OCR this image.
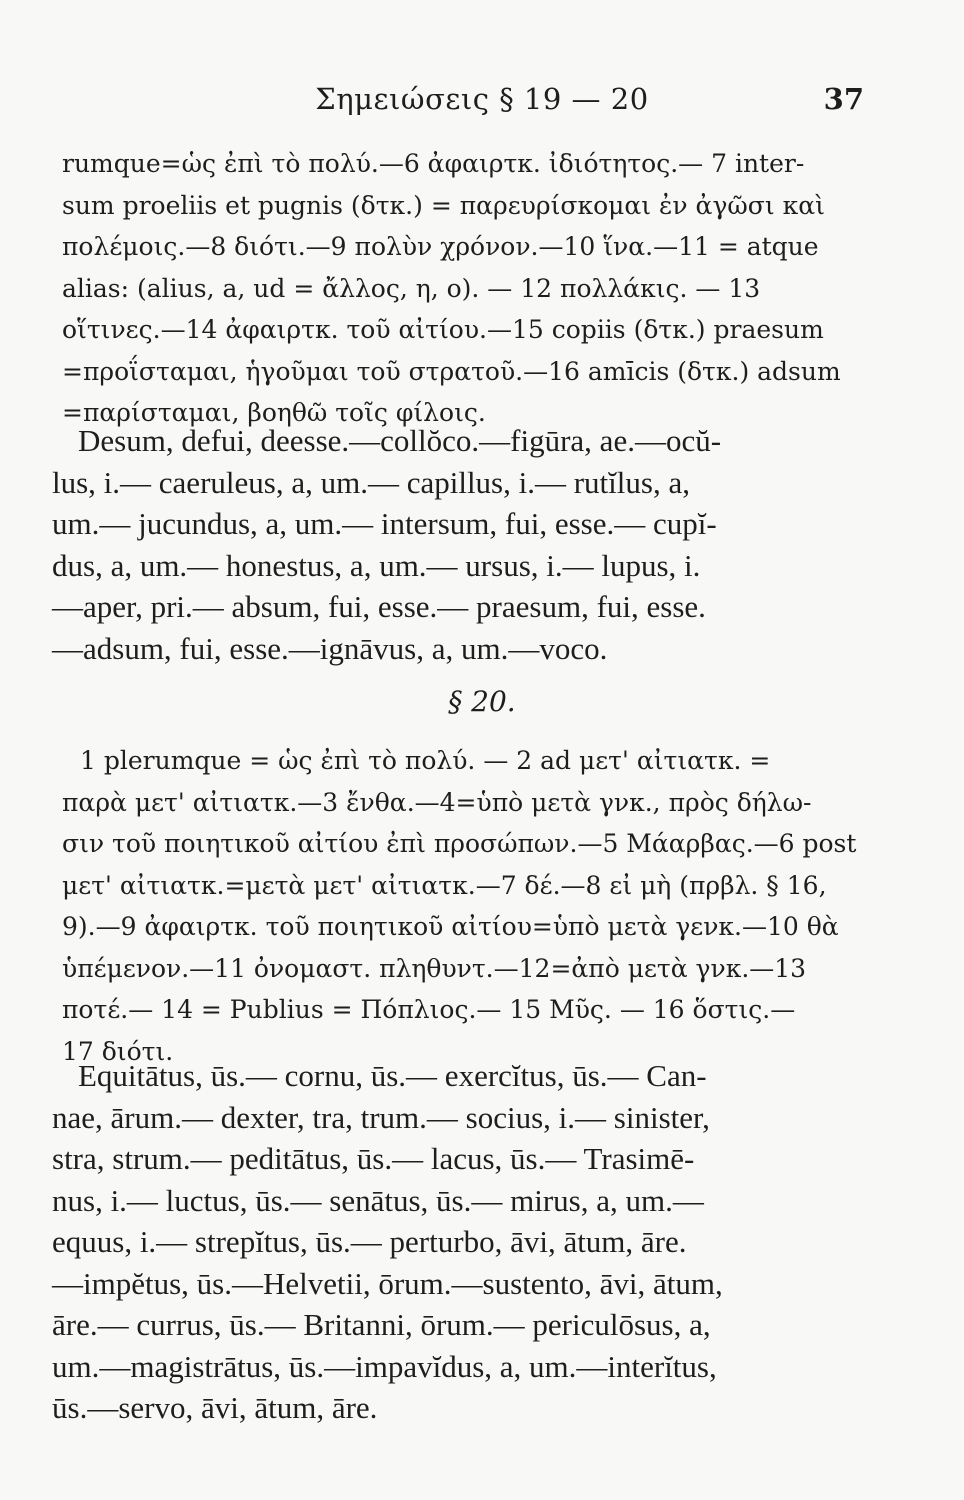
Σημειώσεις § 19 — 20	37
rumque=ὡς ἐπὶ τὸ πολύ.—6 ἀφαιρτκ. ἰδιότητος.— 7 inter-
sum proeliis et pugnis (δτκ.) = παρευρίσκομαι ἐν ἀγῶσι καὶ
πολέμοις.—8 διότι.—9 πολὺν χρόνον.—10 ἵνα.—11 = atque
alias: (alius, a, ud = ἄλλος, η, ο). — 12 πολλάκις. — 13
οἵτινες.—14 ἀφαιρτκ. τοῦ αἰτίου.—15 copiis (δτκ.) praesum
=προΐσταμαι, ἡγοῦμαι τοῦ στρατοῦ.—16 amīcis (δτκ.) adsum
=παρίσταμαι, βοηθῶ τοῖς φίλοις.
Desum, defui, deesse.—collŏco.—figūra, ae.—ocŭ-
lus, i.— caeruleus, a, um.— capillus, i.— rutĭlus, a,
um.— jucundus, a, um.— intersum, fui, esse.— cupĭ-
dus, a, um.— honestus, a, um.— ursus, i.— lupus, i.
—aper, pri.— absum, fui, esse.— praesum, fui, esse.
—adsum, fui, esse.—ignāvus, a, um.—voco.
§ 20.
1 plerumque = ὡς ἐπὶ τὸ πολύ. — 2 ad μετ' αἰτιατκ. =
παρὰ μετ' αἰτιατκ.—3 ἔνθα.—4=ὑπὸ μετὰ γνκ., πρὸς δήλω-
σιν τοῦ ποιητικοῦ αἰτίου ἐπὶ προσώπων.—5 Μάαρβας.—6 post
μετ' αἰτιατκ.=μετὰ μετ' αἰτιατκ.—7 δέ.—8 εἰ μὴ (πρβλ. § 16,
9).—9 ἀφαιρτκ. τοῦ ποιητικοῦ αἰτίου=ὑπὸ μετὰ γενκ.—10 θὰ
ὑπέμενον.—11 ὀνομαστ. πληθυντ.—12=ἀπὸ μετὰ γνκ.—13
ποτέ.— 14 = Publius = Πόπλιος.— 15 Μῦς. — 16 ὅστις.—
17 διότι.
Equitātus, ūs.— cornu, ūs.— exercĭtus, ūs.— Can-
nae, ārum.— dexter, tra, trum.— socius, i.— sinister,
stra, strum.— peditātus, ūs.— lacus, ūs.— Trasimē-
nus, i.— luctus, ūs.— senātus, ūs.— mirus, a, um.—
equus, i.— strepĭtus, ūs.— perturbo, āvi, ātum, āre.
—impĕtus, ūs.—Helvetii, ōrum.—sustento, āvi, ātum,
āre.— currus, ūs.— Britanni, ōrum.— periculōsus, a,
um.—magistrātus, ūs.—impavĭdus, a, um.—interĭtus,
ūs.—servo, āvi, ātum, āre.
